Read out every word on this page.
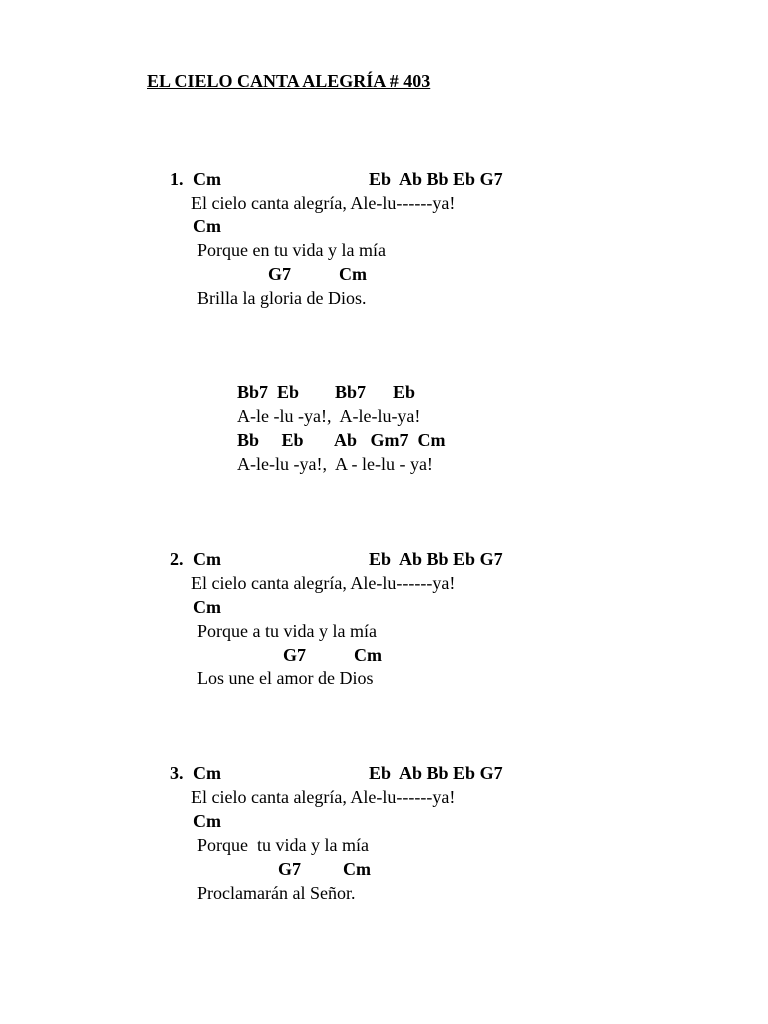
EL CIELO CANTA ALEGRÍA # 403
1. Cm	Eb  Ab Bb Eb G7
El cielo canta alegría, Ale-lu------ya!
Cm
Porque en tu vida y la mía
G7	Cm
Brilla la gloria de Dios.
Bb7  Eb        Bb7      Eb
A-le -lu -ya!,  A-le-lu-ya!
Bb     Eb       Ab   Gm7  Cm
A-le-lu -ya!,  A - le-lu - ya!
2. Cm	Eb  Ab Bb Eb G7
El cielo canta alegría, Ale-lu------ya!
Cm
Porque a tu vida y la mía
G7	Cm
Los une el amor de Dios
3. Cm	Eb  Ab Bb Eb G7
El cielo canta alegría, Ale-lu------ya!
Cm
Porque  tu vida y la mía
G7 Cm
Proclamarán al Señor.
